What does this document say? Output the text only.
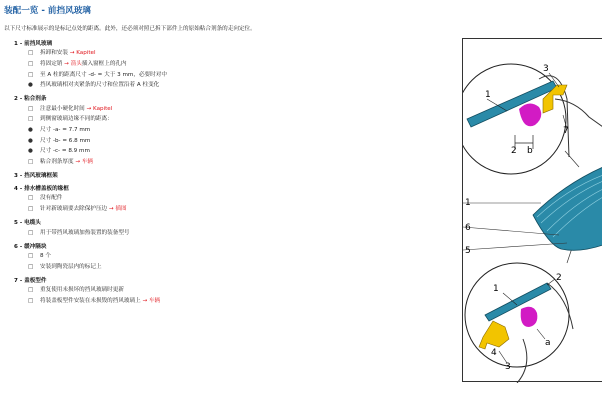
装配一览 - 前挡风玻璃
以下尺寸标准展示的是标记点处的距离。此外，还必须对照已拆下部件上的原始粘合剂条的走向定位。
1 - 前挡风玻璃
□ 拆卸和安装 → Kapitel
□ 将固定销 → 箭头插入窗框上的孔内
□ 至 A 柱的距离尺寸 -d- = 大于 3 mm，必要时对中
● 挡风玻璃相对夹紧条的尺寸和位置沿着 A 柱变化
2 - 粘合剂条
□ 注意最小硬化时间 → Kapitel
□ 到侧窗玻璃边缘不同的距离：
● 尺寸 -a- = 7.7 mm
● 尺寸 -b- = 6.8 mm
● 尺寸 -c- = 8.9 mm
□ 粘合剂条厚度 → 车辆
3 - 挡风玻璃框架
4 - 排水槽盖板的缘框
□ 没有配件
□ 针对新玻璃要去除保护压边 → 插图
5 - 电缆头
□ 用于带挡风玻璃加热装置的装备型号
6 - 缓冲隔块
□ 8 个
□ 安装到陶瓷层内的标记上
7 - 盖板型件
□ 重复使用未损坏的挡风玻璃时更新
□ 将装盖板型件安装在未损毁的挡风玻璃上 → 车辆
1
2 b
3
7
1
6
5
1
2
a
4
3
